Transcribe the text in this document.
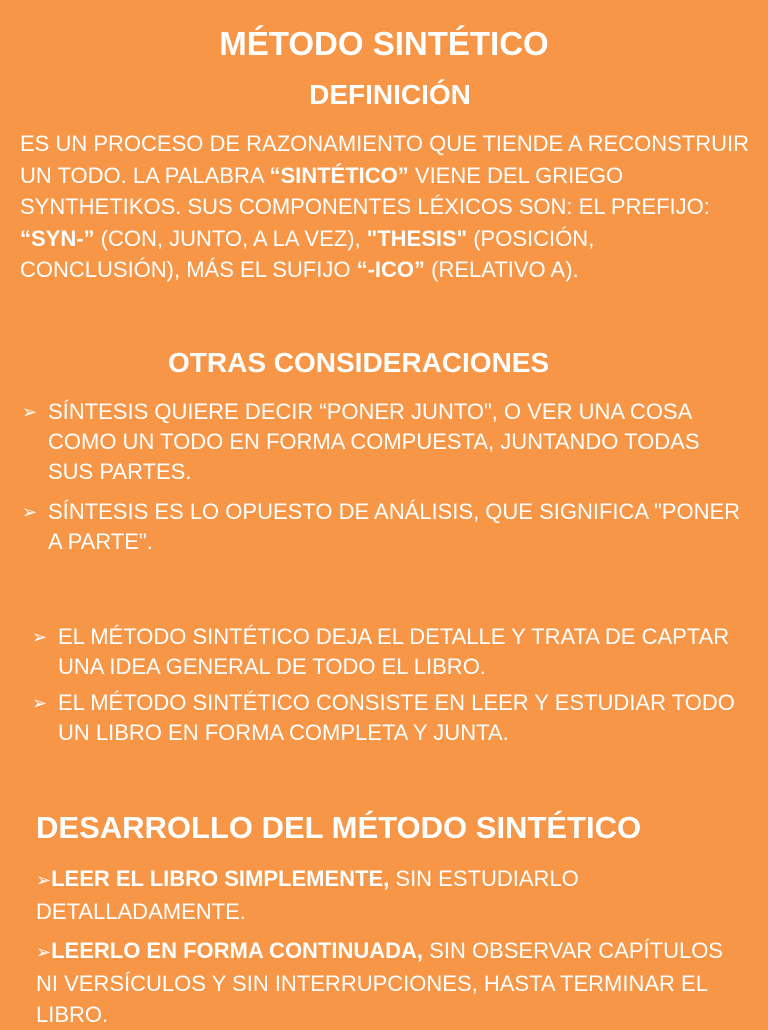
MÉTODO SINTÉTICO
DEFINICIÓN
ES UN PROCESO DE RAZONAMIENTO QUE TIENDE A RECONSTRUIR UN TODO. LA PALABRA “SINTÉTICO” VIENE DEL GRIEGO SYNTHETIKOS. SUS COMPONENTES LÉXICOS SON: EL PREFIJO: “SYN-” (CON, JUNTO, A LA VEZ), "THESIS" (POSICIÓN, CONCLUSIÓN), MÁS EL SUFIJO “-ICO” (RELATIVO A).
OTRAS CONSIDERACIONES
➢ SÍNTESIS QUIERE DECIR “PONER JUNTO", O VER UNA COSA COMO UN TODO EN FORMA COMPUESTA, JUNTANDO TODAS SUS PARTES.
➢ SÍNTESIS ES LO OPUESTO DE ANÁLISIS, QUE SIGNIFICA "PONER A PARTE".
➢ EL MÉTODO SINTÉTICO DEJA EL DETALLE Y TRATA DE CAPTAR UNA IDEA GENERAL DE TODO EL LIBRO.
➢ EL MÉTODO SINTÉTICO CONSISTE EN LEER Y ESTUDIAR TODO UN LIBRO EN FORMA COMPLETA Y JUNTA.
DESARROLLO DEL MÉTODO SINTÉTICO
➢LEER EL LIBRO SIMPLEMENTE, SIN ESTUDIARLO DETALLADAMENTE.
➢LEERLO EN FORMA CONTINUADA, SIN OBSERVAR CAPÍTULOS NI VERSÍCULOS Y SIN INTERRUPCIONES, HASTA TERMINAR EL LIBRO.
